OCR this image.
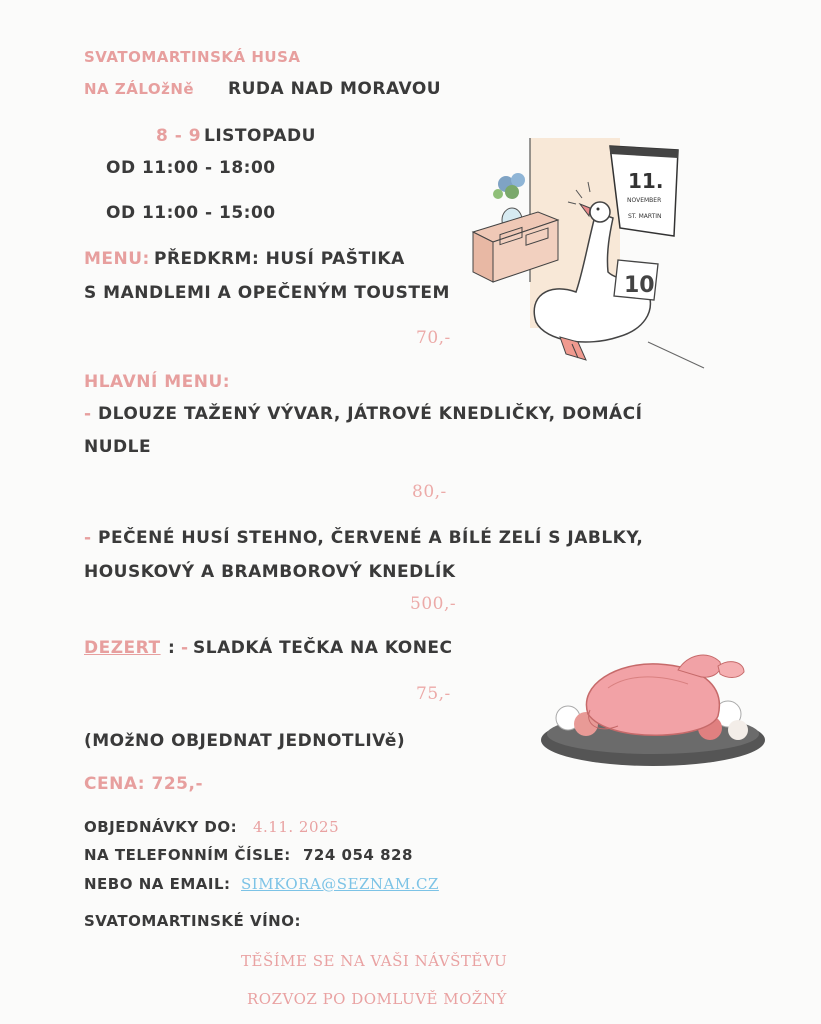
SVATOMARTINSKÁ HUSA
NA ZÁLOžNě RUDA NAD MORAVOU
8 - 9 LISTOPADU
OD 11:00 - 18:00
OD 11:00 - 15:00
MENU: PŘEDKRM: HUSÍ PAŠTIKA
S MANDLEMI A OPEČENÝM TOUSTEM
70,-
HLAVNÍ MENU:
- DLOUZE TAŽENÝ VÝVAR, JÁTROVÉ KNEDLIČKY, DOMÁCÍ
NUDLE
80,-
- PEČENÉ HUSÍ STEHNO, ČERVENÉ A BÍLÉ ZELÍ S JABLKY,
HOUSKOVÝ A BRAMBOROVÝ KNEDLÍK
500,-
DEZERT : - SLADKÁ TEČKA NA KONEC
75,-
(MOžNO OBJEDNAT JEDNOTLIVě)
CENA: 725,-
OBJEDNÁVKY DO: 4.11. 2025
NA TELEFONNÍM ČÍSLE: 724 054 828
NEBO NA EMAIL: SIMKORA@SEZNAM.CZ
SVATOMARTINSKÉ VÍNO:
TĚŠÍME SE NA VAŠI NÁVŠTĚVU
ROZVOZ PO DOMLUVĚ MOŽNÝ
11.
NOVEMBER
ST. MARTIN
10
